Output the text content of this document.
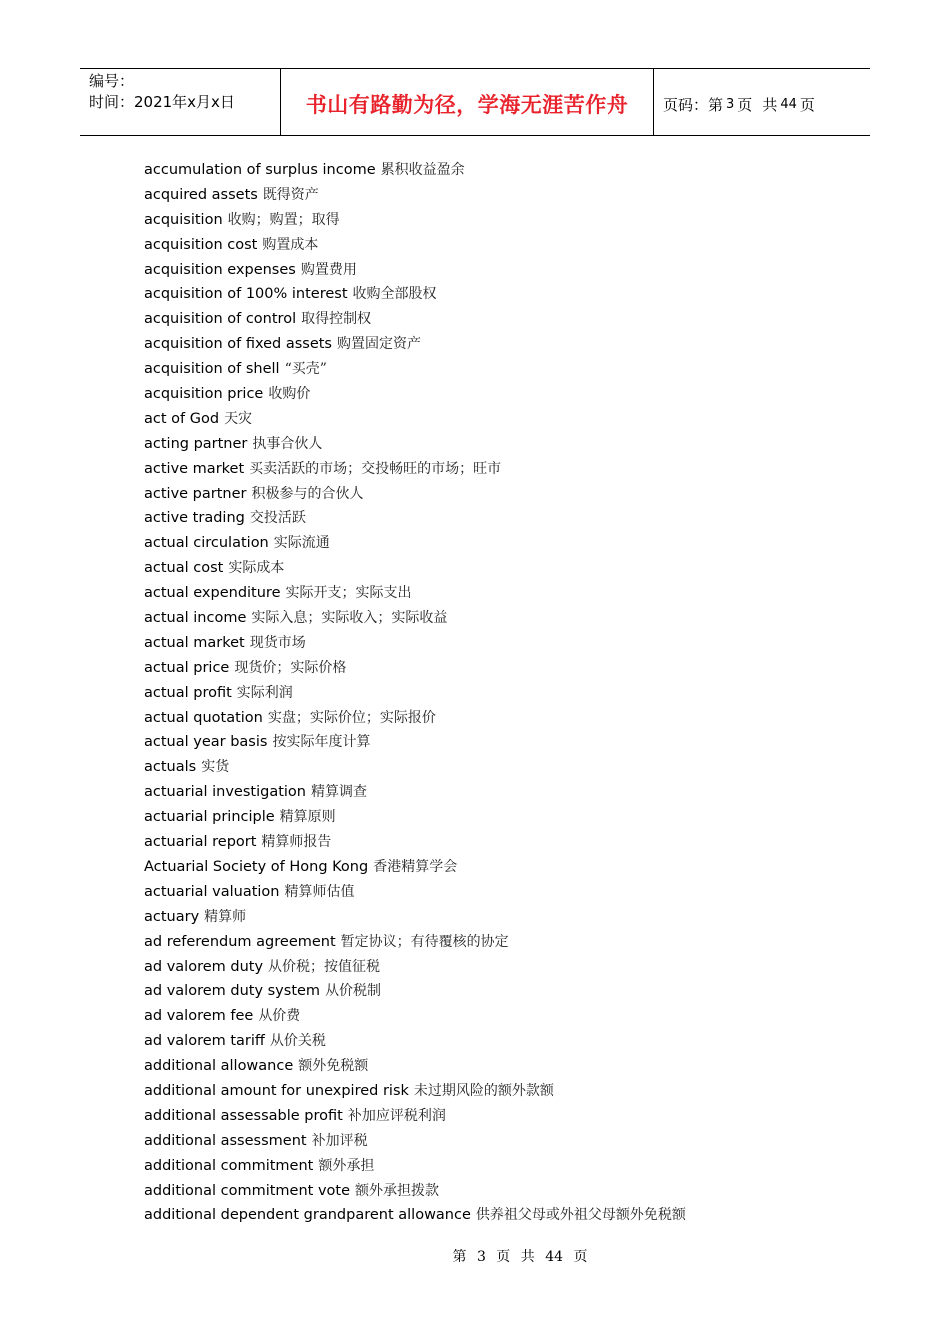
编号：
时间：2021年x月x日	书山有路勤为径，学海无涯苦作舟 页码：第 3 页 共 44 页
accumulation of surplus income 累积收益盈余
acquired assets 既得资产
acquisition 收购；购置；取得
acquisition cost 购置成本
acquisition expenses 购置费用
acquisition of 100% interest 收购全部股权
acquisition of control 取得控制权
acquisition of fixed assets 购置固定资产
acquisition of shell “买壳”
acquisition price 收购价
act of God 天灾
acting partner 执事合伙人
active market 买卖活跃的市场；交投畅旺的市场；旺市
active partner 积极参与的合伙人
active trading 交投活跃
actual circulation 实际流通
actual cost 实际成本
actual expenditure 实际开支；实际支出
actual income 实际入息；实际收入；实际收益
actual market 现货市场
actual price 现货价；实际价格
actual profit 实际利润
actual quotation 实盘；实际价位；实际报价
actual year basis 按实际年度计算
actuals 实货
actuarial investigation 精算调查
actuarial principle 精算原则
actuarial report 精算师报告
Actuarial Society of Hong Kong 香港精算学会
actuarial valuation 精算师估值
actuary 精算师
ad referendum agreement 暂定协议；有待覆核的协定
ad valorem duty 从价税；按值征税
ad valorem duty system 从价税制
ad valorem fee 从价费
ad valorem tariff 从价关税
additional allowance 额外免税额
additional amount for unexpired risk 未过期风险的额外款额
additional assessable profit 补加应评税利润
additional assessment 补加评税
additional commitment 额外承担
additional commitment vote 额外承担拨款
additional dependent grandparent allowance 供养祖父母或外祖父母额外免税额
第 3 页 共 44 页
